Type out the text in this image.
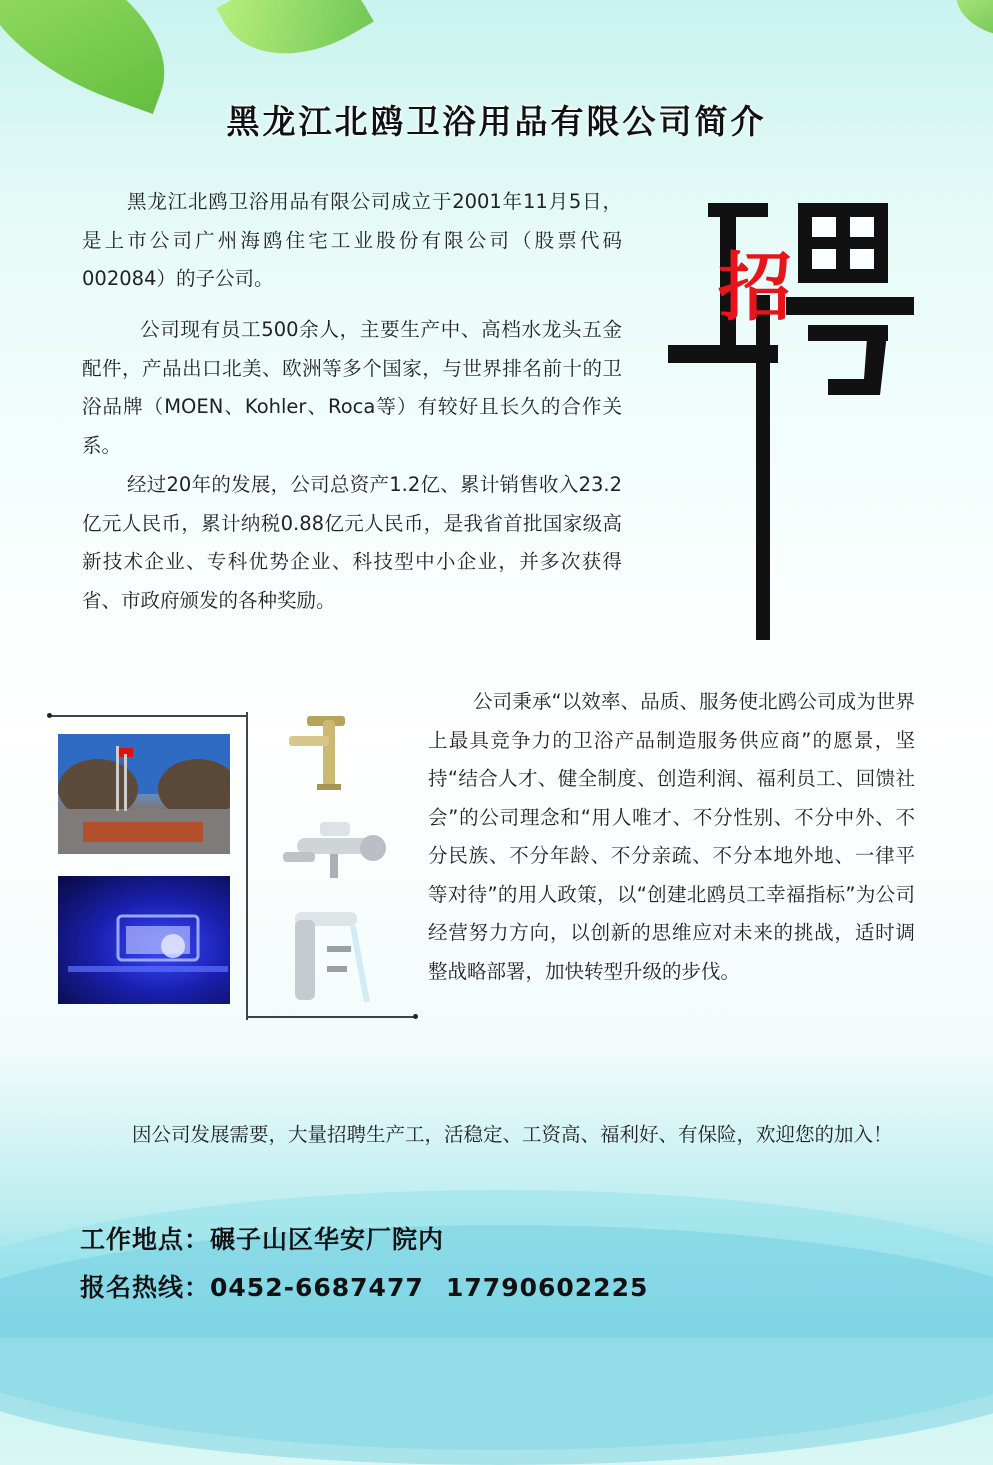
黑龙江北鸥卫浴用品有限公司简介

黑龙江北鸥卫浴用品有限公司成立于2001年11月5日，是上市公司广州海鸥住宅工业股份有限公司（股票代码002084）的子公司。

公司现有员工500余人，主要生产中、高档水龙头五金配件，产品出口北美、欧洲等多个国家，与世界排名前十的卫浴品牌（MOEN、Kohler、Roca等）有较好且长久的合作关系。

经过20年的发展，公司总资产1.2亿、累计销售收入23.2亿元人民币，累计纳税0.88亿元人民币，是我省首批国家级高新技术企业、专科优势企业、科技型中小企业，并多次获得省、市政府颁发的各种奖励。

招
聘

公司秉承“以效率、品质、服务使北鸥公司成为世界上最具竞争力的卫浴产品制造服务供应商”的愿景，坚持“结合人才、健全制度、创造利润、福利员工、回馈社会”的公司理念和“用人唯才、不分性别、不分中外、不分民族、不分年龄、不分亲疏、不分本地外地、一律平等对待”的用人政策，以“创建北鸥员工幸福指标”为公司经营努力方向，以创新的思维应对未来的挑战，适时调整战略部署，加快转型升级的步伐。

因公司发展需要，大量招聘生产工，活稳定、工资高、福利好、有保险，欢迎您的加入！

工作地点：碾子山区华安厂院内
报名热线：0452-6687477 17790602225
